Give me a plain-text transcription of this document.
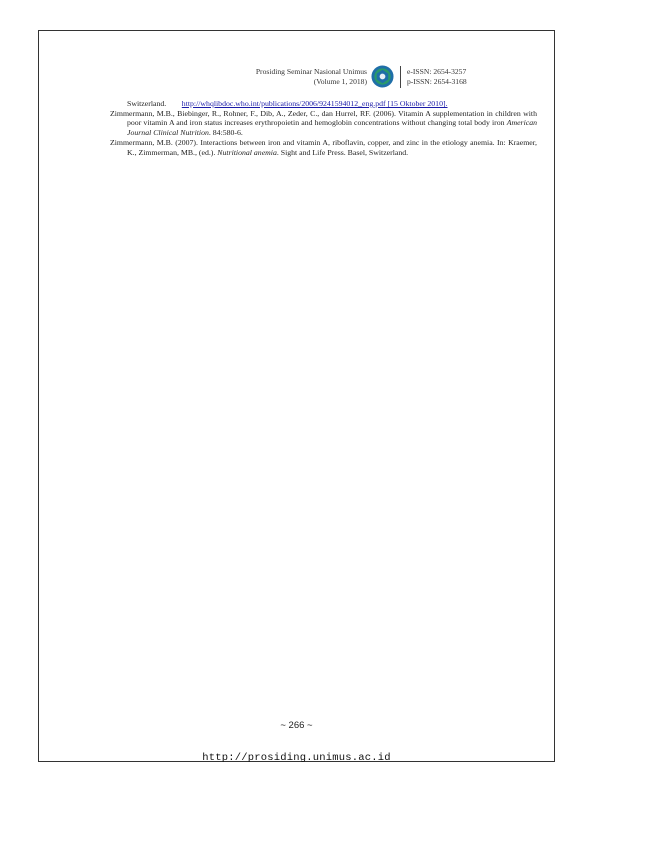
Prosiding Seminar Nasional Unimus
(Volume 1, 2018)
e-ISSN: 2654-3257
p-ISSN: 2654-3168
Switzerland. http://whqlibdoc.who.int/publications/2006/9241594012_eng.pdf [15 Oktober 2010].
Zimmermann, M.B., Biebinger, R., Rohner, F., Dib, A., Zeder, C., dan Hurrel, RF. (2006). Vitamin A supplementation in children with poor vitamin A and iron status increases erythropoietin and hemoglobin concentrations without changing total body iron American Journal Clinical Nutrition. 84:580-6.
Zimmermann, M.B. (2007). Interactions between iron and vitamin A, riboflavin, copper, and zinc in the etiology anemia. In: Kraemer, K., Zimmerman, MB., (ed.). Nutritional anemia. Sight and Life Press. Basel, Switzerland.
~ 266 ~
http://prosiding.unimus.ac.id
